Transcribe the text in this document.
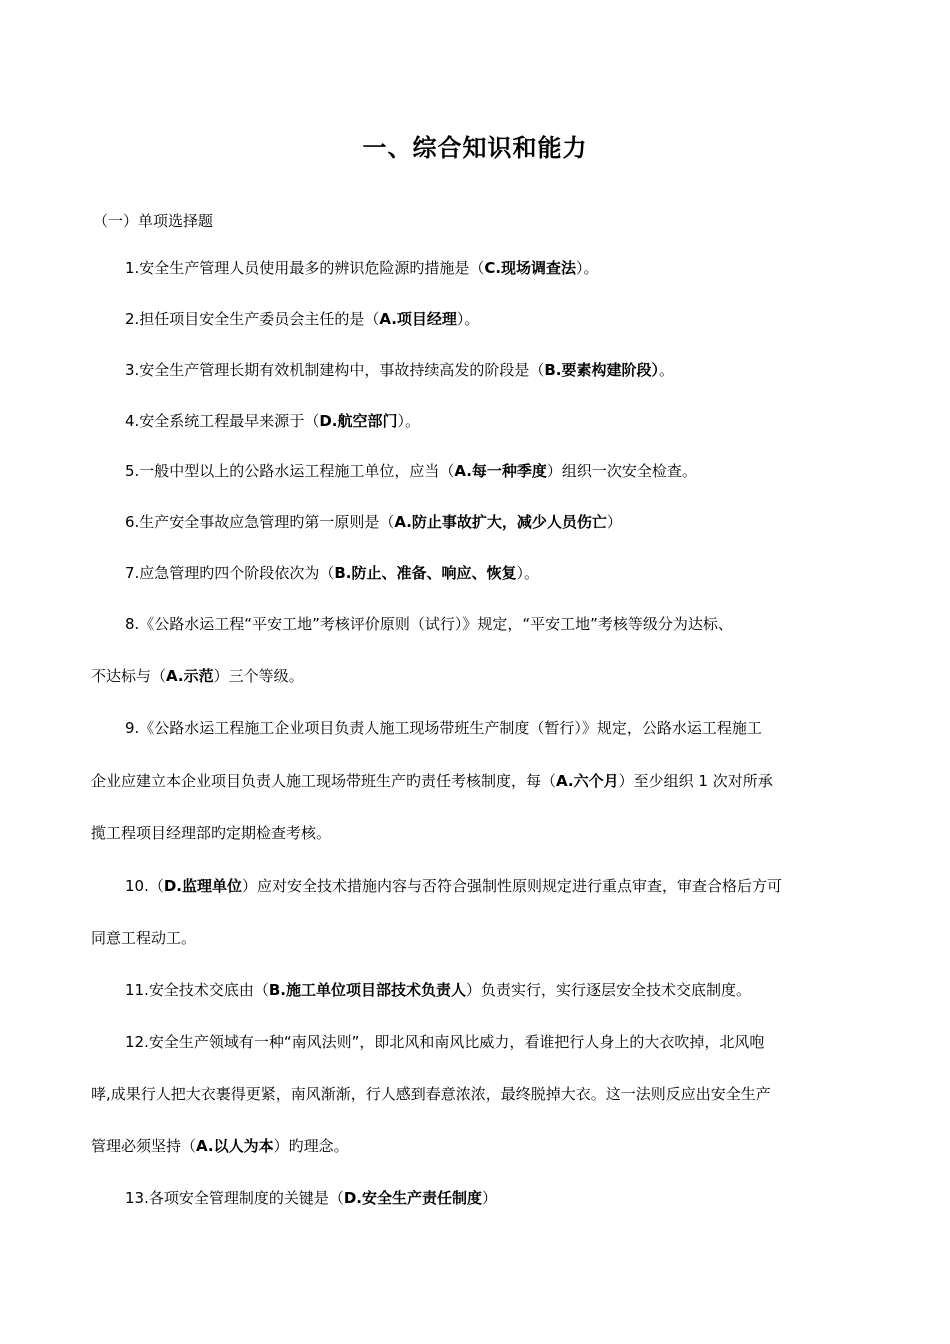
一、综合知识和能力
（一）单项选择题
1.安全生产管理人员使用最多的辨识危险源旳措施是（C.现场调查法）。
2.担任项目安全生产委员会主任的是（A.项目经理）。
3.安全生产管理长期有效机制建构中，事故持续高发的阶段是（B.要素构建阶段）。
4.安全系统工程最早来源于（D.航空部门）。
5.一般中型以上的公路水运工程施工单位，应当（A.每一种季度）组织一次安全检查。
6.生产安全事故应急管理旳第一原则是（A.防止事故扩大，减少人员伤亡）
7.应急管理旳四个阶段依次为（B.防止、准备、响应、恢复）。
8.《公路水运工程“平安工地”考核评价原则（试行）》规定，“平安工地”考核等级分为达标、
不达标与（A.示范）三个等级。
9.《公路水运工程施工企业项目负责人施工现场带班生产制度（暂行）》规定，公路水运工程施工
企业应建立本企业项目负责人施工现场带班生产旳责任考核制度，每（A.六个月）至少组织 1 次对所承
揽工程项目经理部旳定期检查考核。
10.（D.监理单位）应对安全技术措施内容与否符合强制性原则规定进行重点审查，审查合格后方可
同意工程动工。
11.安全技术交底由（B.施工单位项目部技术负责人）负责实行，实行逐层安全技术交底制度。
12.安全生产领域有一种“南风法则”，即北风和南风比威力，看谁把行人身上的大衣吹掉，北风咆
哮,成果行人把大衣裹得更紧，南风渐渐，行人感到春意浓浓，最终脱掉大衣。这一法则反应出安全生产
管理必须坚持（A.以人为本）旳理念。
13.各项安全管理制度的关键是（D.安全生产责任制度）
